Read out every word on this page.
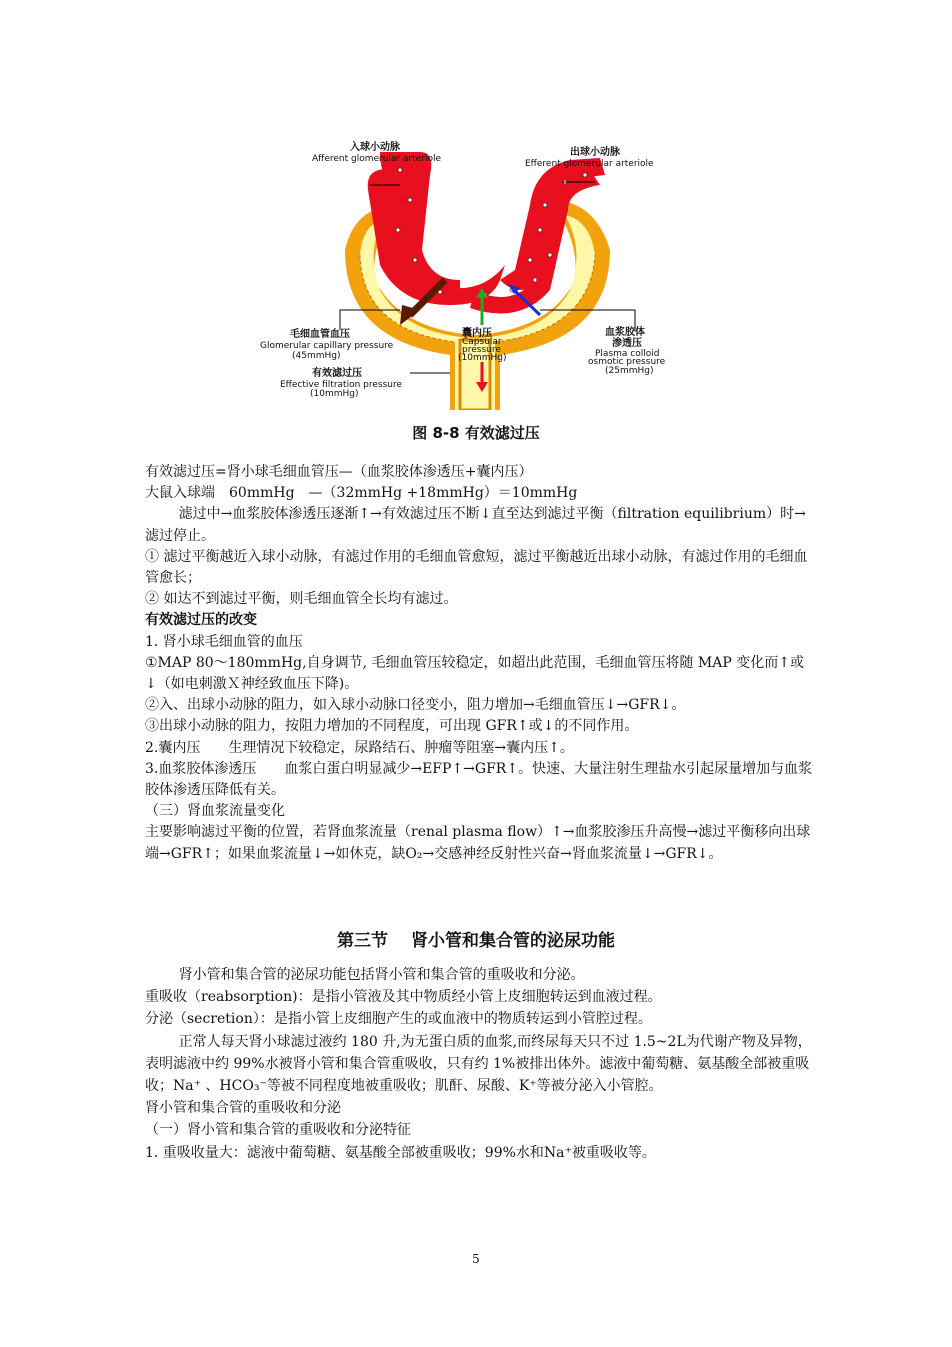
入球小动脉
Afferent glomerular arteriole
出球小动脉
Efferent glomerular arteriole
毛细血管血压
Glomerular capillary pressure
(45mmHg)
囊内压
Capsular
pressure
(10mmHg)
血浆胶体
渗透压
Plasma colloid
osmotic pressure
(25mmHg)
有效滤过压
Effective filtration pressure
(10mmHg)
图 8-8 有效滤过压

有效滤过压=肾小球毛细血管压—（血浆胶体渗透压+囊内压）

大鼠入球端　60mmHg　—（32mmHg +18mmHg）＝10mmHg

滤过中→血浆胶体渗透压逐渐↑→有效滤过压不断↓直至达到滤过平衡（filtration equilibrium）时→滤过停止。

① 滤过平衡越近入球小动脉，有滤过作用的毛细血管愈短，滤过平衡越近出球小动脉，有滤过作用的毛细血管愈长；

② 如达不到滤过平衡，则毛细血管全长均有滤过。

有效滤过压的改变

1. 肾小球毛细血管的血压

①MAP 80～180mmHg,自身调节, 毛细血管压较稳定，如超出此范围，毛细血管压将随 MAP 变化而↑或↓（如电刺激Ｘ神经致血压下降)。

②入、出球小动脉的阻力，如入球小动脉口径变小，阻力增加→毛细血管压↓→GFR↓。

③出球小动脉的阻力，按阻力增加的不同程度，可出现 GFR↑或↓的不同作用。

2.囊内压　　生理情况下较稳定，尿路结石、肿瘤等阻塞→囊内压↑。

3.血浆胶体渗透压　　血浆白蛋白明显减少→EFP↑→GFR↑。快速、大量注射生理盐水引起尿量增加与血浆胶体渗透压降低有关。

（三）肾血浆流量变化

主要影响滤过平衡的位置，若肾血浆流量（renal plasma flow）↑→血浆胶渗压升高慢→滤过平衡移向出球端→GFR↑；如果血浆流量↓→如休克，缺O₂→交感神经反射性兴奋→肾血浆流量↓→GFR↓。

第三节　 肾小管和集合管的泌尿功能

肾小管和集合管的泌尿功能包括肾小管和集合管的重吸收和分泌。

重吸收（reabsorption)：是指小管液及其中物质经小管上皮细胞转运到血液过程。

分泌（secretion）：是指小管上皮细胞产生的或血液中的物质转运到小管腔过程。

正常人每天肾小球滤过液约 180 升,为无蛋白质的血浆,而终尿每天只不过 1.5~2L为代谢产物及异物，表明滤液中约 99%水被肾小管和集合管重吸收，只有约 1%被排出体外。滤液中葡萄糖、氨基酸全部被重吸收；Na⁺ 、HCO₃⁻等被不同程度地被重吸收；肌酐、尿酸、K⁺等被分泌入小管腔。

肾小管和集合管的重吸收和分泌

（一）肾小管和集合管的重吸收和分泌特征

1. 重吸收量大：滤液中葡萄糖、氨基酸全部被重吸收；99%水和Na⁺被重吸收等。

5
